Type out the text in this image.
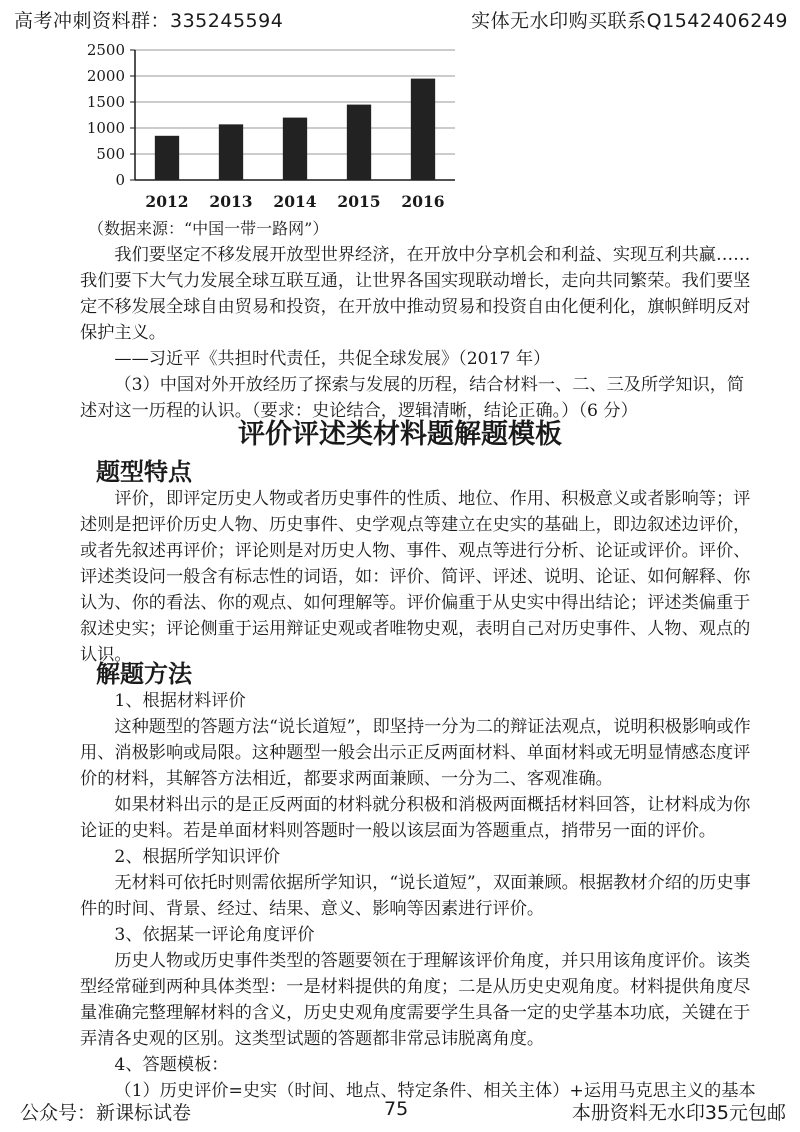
高考冲刺资料群：335245594	实体无水印购买联系Q1542406249
0
500
1000
1500
2000
2500
2012 2013 2014 2015 2016
（数据来源：“中国一带一路网”）

我们要坚定不移发展开放型世界经济，在开放中分享机会和利益、实现互利共赢……我们要下大气力发展全球互联互通，让世界各国实现联动增长，走向共同繁荣。我们要坚定不移发展全球自由贸易和投资，在开放中推动贸易和投资自由化便利化，旗帜鲜明反对保护主义。

——习近平《共担时代责任，共促全球发展》（2017 年）

（3）中国对外开放经历了探索与发展的历程，结合材料一、二、三及所学知识，简述对这一历程的认识。（要求：史论结合，逻辑清晰，结论正确。）（6 分）

评价评述类材料题解题模板
题型特点

评价，即评定历史人物或者历史事件的性质、地位、作用、积极意义或者影响等；评述则是把评价历史人物、历史事件、史学观点等建立在史实的基础上，即边叙述边评价，或者先叙述再评价；评论则是对历史人物、事件、观点等进行分析、论证或评价。评价、评述类设问一般含有标志性的词语，如：评价、简评、评述、说明、论证、如何解释、你认为、你的看法、你的观点、如何理解等。评价偏重于从史实中得出结论；评述类偏重于叙述史实；评论侧重于运用辩证史观或者唯物史观，表明自己对历史事件、人物、观点的认识。

解题方法

1、根据材料评价

这种题型的答题方法“说长道短”，即坚持一分为二的辩证法观点，说明积极影响或作用、消极影响或局限。这种题型一般会出示正反两面材料、单面材料或无明显情感态度评价的材料，其解答方法相近，都要求两面兼顾、一分为二、客观准确。

如果材料出示的是正反两面的材料就分积极和消极两面概括材料回答，让材料成为你论证的史料。若是单面材料则答题时一般以该层面为答题重点，捎带另一面的评价。

2、根据所学知识评价

无材料可依托时则需依据所学知识，“说长道短”，双面兼顾。根据教材介绍的历史事件的时间、背景、经过、结果、意义、影响等因素进行评价。

3、依据某一评论角度评价

历史人物或历史事件类型的答题要领在于理解该评价角度，并只用该角度评价。该类型经常碰到两种具体类型：一是材料提供的角度；二是从历史史观角度。材料提供角度尽量准确完整理解材料的含义，历史史观角度需要学生具备一定的史学基本功底，关键在于弄清各史观的区别。这类型试题的答题都非常忌讳脱离角度。

4、答题模板：

（1）历史评价=史实（时间、地点、特定条件、相关主体）+运用马克思主义的基本

公众号：新课标试卷	75	本册资料无水印35元包邮
